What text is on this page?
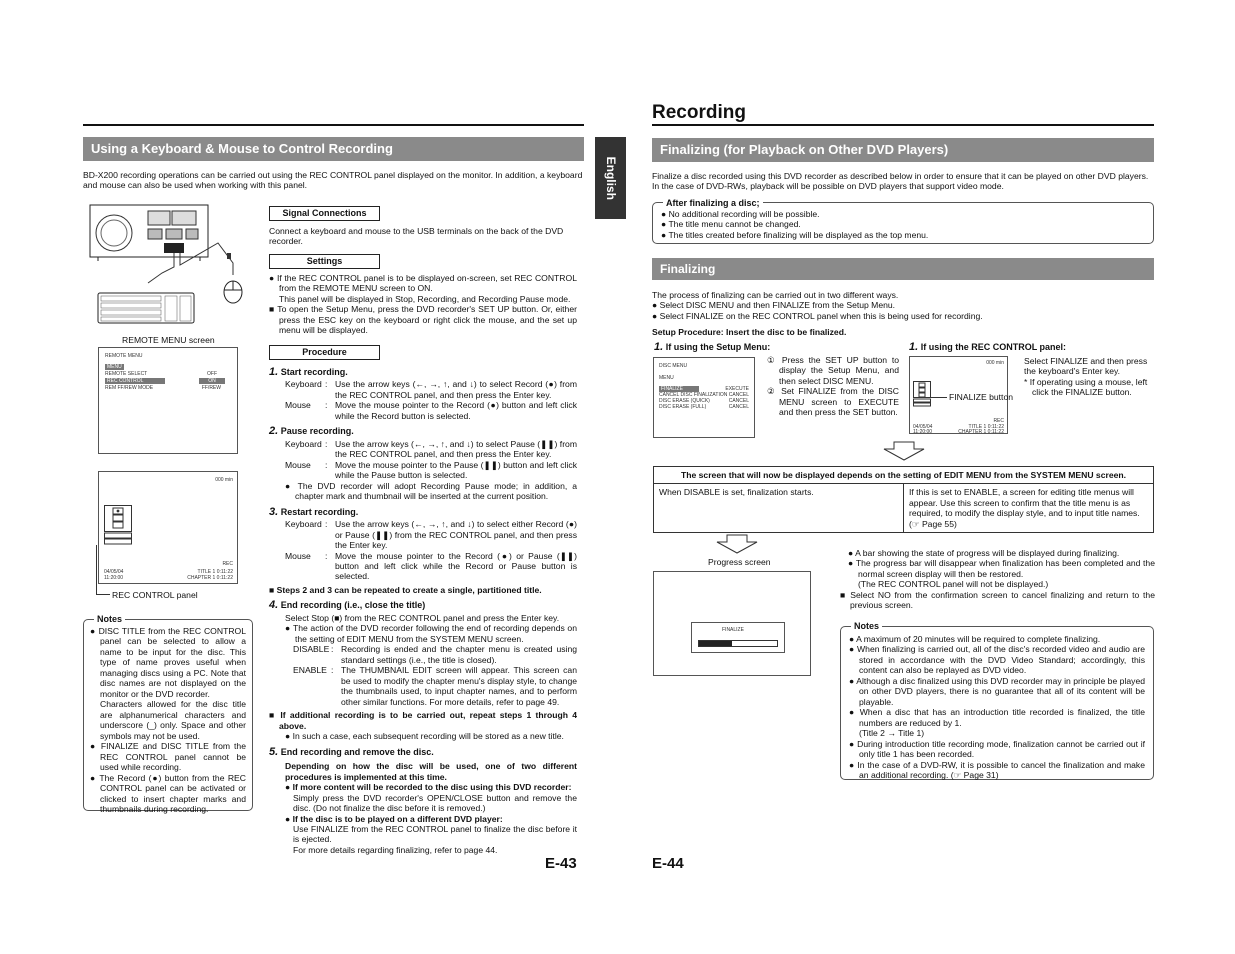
Using a Keyboard & Mouse to Control Recording

BD-X200 recording operations can be carried out using the REC CONTROL panel displayed on the monitor. In addition, a keyboard and mouse can also be used when working with this panel.

REMOTE MENU screen

REMOTE MENU
MENU
REMOTE SELECT	OFF
REC CONTROL	ON
REM FF/REW MODE	FF/REW
000 min
REC
04/05/04
11:20:00
TITLE 1 0:11:22
CHAPTER 1 0:11:22

REC CONTROL panel

Notes

● DISC TITLE from the REC CONTROL panel can be selected to allow a name to be input for the disc. This type of name proves useful when managing discs using a PC. Note that disc names are not displayed on the monitor or the DVD recorder.

Characters allowed for the disc title are alphanumerical characters and underscore (_) only. Space and other symbols may not be used.

● FINALIZE and DISC TITLE from the REC CONTROL panel cannot be used while recording.

● The Record (●) button from the REC CONTROL panel can be activated or clicked to insert chapter marks and thumbnails during recording.

Signal Connections

Connect a keyboard and mouse to the USB terminals on the back of the DVD recorder.

Settings

● If the REC CONTROL panel is to be displayed on-screen, set REC CONTROL from the REMOTE MENU screen to ON.

This panel will be displayed in Stop, Recording, and Recording Pause mode.

■ To open the Setup Menu, press the DVD recorder's SET UP button. Or, either press the ESC key on the keyboard or right click the mouse, and the set up menu will be displayed.

Procedure

1. Start recording.

Keyboard : Use the arrow keys (←, →, ↑, and ↓) to select Record (●) from the REC CONTROL panel, and then press the Enter key.
Mouse	: Move the mouse pointer to the Record (●) button and left click while the Record button is selected.

2. Pause recording.

Keyboard : Use the arrow keys (←, →, ↑, and ↓) to select Pause (❚❚) from the REC CONTROL panel, and then press the Enter key.
Mouse	: Move the mouse pointer to the Pause (❚❚) button and left click while the Pause button is selected.

● The DVD recorder will adopt Recording Pause mode; in addition, a chapter mark and thumbnail will be inserted at the current position.

3. Restart recording.

Keyboard : Use the arrow keys (←, →, ↑, and ↓) to select either Record (●) or Pause (❚❚) from the REC CONTROL panel, and then press the Enter key.
Mouse	: Move the mouse pointer to the Record (●) or Pause (❚❚) button and left click while the Record or Pause button is selected.

■ Steps 2 and 3 can be repeated to create a single, partitioned title.

4. End recording (i.e., close the title)

Select Stop (■) from the REC CONTROL panel and press the Enter key.

● The action of the DVD recorder following the end of recording depends on the setting of EDIT MENU from the SYSTEM MENU screen.

DISABLE : Recording is ended and the chapter menu is created using standard settings (i.e., the title is closed).
ENABLE : The THUMBNAIL EDIT screen will appear. This screen can be used to modify the chapter menu's display style, to change the thumbnails used, to input chapter names, and to perform other similar functions. For more details, refer to page 49.

■ If additional recording is to be carried out, repeat steps 1 through 4 above.

● In such a case, each subsequent recording will be stored as a new title.

5. End recording and remove the disc.

Depending on how the disc will be used, one of two different procedures is implemented at this time.

● If more content will be recorded to the disc using this DVD recorder:

Simply press the DVD recorder's OPEN/CLOSE button and remove the disc. (Do not finalize the disc before it is removed.)

● If the disc is to be played on a different DVD player:

Use FINALIZE from the REC CONTROL panel to finalize the disc before it is ejected.

For more details regarding finalizing, refer to page 44.

E-43
English
Recording
Finalizing (for Playback on Other DVD Players)

Finalize a disc recorded using this DVD recorder as described below in order to ensure that it can be played on other DVD players. In the case of DVD-RWs, playback will be possible on DVD players that support video mode.

After finalizing a disc;

● No additional recording will be possible.

● The title menu cannot be changed.

● The titles created before finalizing will be displayed as the top menu.

Finalizing

The process of finalizing can be carried out in two different ways.

● Select DISC MENU and then FINALIZE from the Setup Menu.

● Select FINALIZE on the REC CONTROL panel when this is being used for recording.

Setup Procedure: Insert the disc to be finalized.

1. If using the Setup Menu:

DISC MENU
MENU
FINALIZE	EXECUTE
CANCEL DISC FINALIZATION CANCEL
DISC ERASE (QUICK)	CANCEL
DISC ERASE (FULL)	CANCEL

① Press the SET UP button to display the Setup Menu, and then select DISC MENU.

② Set FINALIZE from the DISC MENU screen to EXECUTE and then press the SET button.

1. If using the REC CONTROL panel:

000 min
REC
04/05/04
11:20:00
TITLE 1 0:11:22
CHAPTER 1 0:11:22

FINALIZE button

Select FINALIZE and then press the keyboard's Enter key.

* If operating using a mouse, left click the FINALIZE button.

The screen that will now be displayed depends on the setting of EDIT MENU from the SYSTEM MENU screen.
When DISABLE is set, finalization starts.	If this is set to ENABLE, a screen for editing title menus will appear. Use this screen to confirm that the title menu is as required, to modify the display style, and to input title names. (☞ Page 55)

Progress screen

FINALIZE

● A bar showing the state of progress will be displayed during finalizing.

● The progress bar will disappear when finalization has been completed and the normal screen display will then be restored.

(The REC CONTROL panel will not be displayed.)

■ Select NO from the confirmation screen to cancel finalizing and return to the previous screen.

Notes

● A maximum of 20 minutes will be required to complete finalizing.

● When finalizing is carried out, all of the disc's recorded video and audio are stored in accordance with the DVD Video Standard; accordingly, this content can also be replayed as DVD video.

● Although a disc finalized using this DVD recorder may in principle be played on other DVD players, there is no guarantee that all of its content will be playable.

● When a disc that has an introduction title recorded is finalized, the title numbers are reduced by 1.

(Title 2 → Title 1)

● During introduction title recording mode, finalization cannot be carried out if only title 1 has been recorded.

● In the case of a DVD-RW, it is possible to cancel the finalization and make an additional recording. (☞ Page 31)

E-44
